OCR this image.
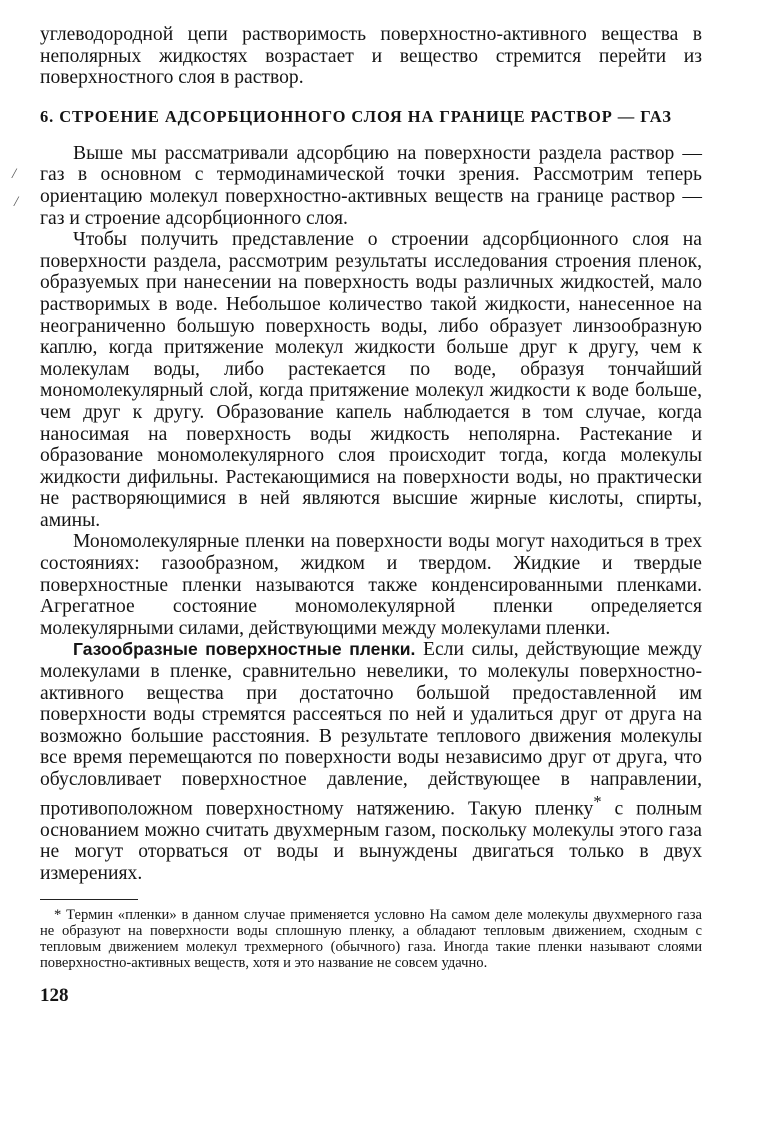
/
/

углеводородной цепи растворимость поверхностно-активного вещества в неполярных жидкостях возрастает и вещество стремится перейти из поверхностного слоя в раствор.

6. СТРОЕНИЕ АДСОРБЦИОННОГО СЛОЯ НА ГРАНИЦЕ РАСТВОР — ГАЗ

Выше мы рассматривали адсорбцию на поверхности раздела раствор — газ в основном с термодинамической точки зрения. Рассмотрим теперь ориентацию молекул поверхностно-активных веществ на границе раствор — газ и строение адсорбционного слоя.

Чтобы получить представление о строении адсорбционного слоя на поверхности раздела, рассмотрим результаты исследования строения пленок, образуемых при нанесении на поверхность воды различных жидкостей, мало растворимых в воде. Небольшое количество такой жидкости, нанесенное на неограниченно большую поверхность воды, либо образует линзообразную каплю, когда притяжение молекул жидкости больше друг к другу, чем к молекулам воды, либо растекается по воде, образуя тончайший мономолекулярный слой, когда притяжение молекул жидкости к воде больше, чем друг к другу. Образование капель наблюдается в том случае, когда наносимая на поверхность воды жидкость неполярна. Растекание и образование мономолекулярного слоя происходит тогда, когда молекулы жидкости дифильны. Растекающимися на поверхности воды, но практически не растворяющимися в ней являются высшие жирные кислоты, спирты, амины.

Мономолекулярные пленки на поверхности воды могут находиться в трех состояниях: газообразном, жидком и твердом. Жидкие и твердые поверхностные пленки называются также конденсированными пленками. Агрегатное состояние мономолекулярной пленки определяется молекулярными силами, действующими между молекулами пленки.

Газообразные поверхностные пленки. Если силы, действующие между молекулами в пленке, сравнительно невелики, то молекулы поверхностно-активного вещества при достаточно большой предоставленной им поверхности воды стремятся рассеяться по ней и удалиться друг от друга на возможно большие расстояния. В результате теплового движения молекулы все время перемещаются по поверхности воды независимо друг от друга, что обусловливает поверхностное давление, действующее в направлении, противоположном поверхностному натяжению. Такую пленку* с полным основанием можно считать двухмерным газом, поскольку молекулы этого газа не могут оторваться от воды и вынуждены двигаться только в двух измерениях.

* Термин «пленки» в данном случае применяется условно На самом деле молекулы двухмерного газа не образуют на поверхности воды сплошную пленку, а обладают тепловым движением, сходным с тепловым движением молекул трехмерного (обычного) газа. Иногда такие пленки называют слоями поверхностно-активных веществ, хотя и это название не совсем удачно.

128
